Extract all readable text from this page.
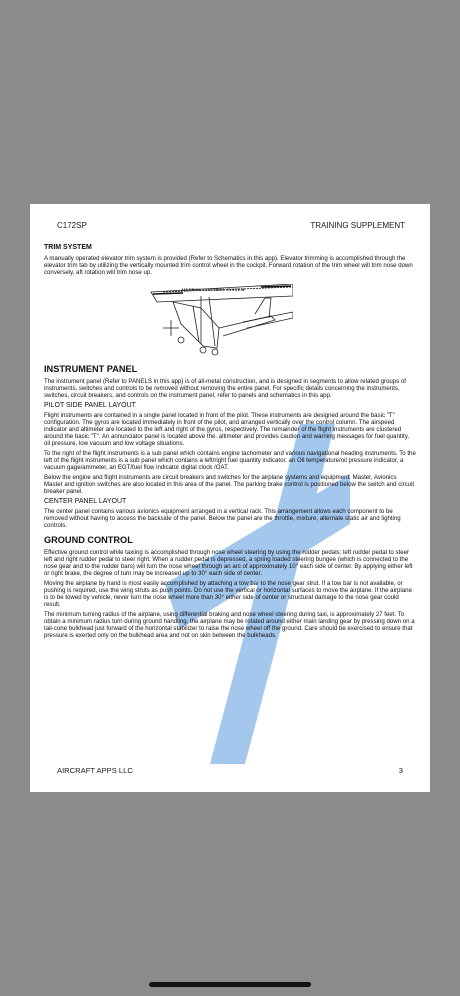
C172SP	TRAINING SUPPLEMENT
TRIM SYSTEM

A manually operated elevator trim system is provided (Refer to Schematics in this app). Elevator trimming is accomplished through the elevator trim tab by utilizing the vertically mounted trim control wheel in the cockpit. Forward rotation of the trim wheel will trim nose down conversely, aft rotation will trim nose up.

AILERON CONTROL SYSTEM
INSTRUMENT PANEL

The instrument panel (Refer to PANELS in this app) is of all-metal construction, and is designed in segments to allow related groups of instruments, switches and controls to be removed without removing the entire panel. For specific details concerning the instruments, switches, circuit breakers, and controls on the instrument panel, refer to panels and schematics in this app.

PILOT SIDE PANEL LAYOUT

Flight instruments are contained in a single panel located in front of the pilot. These instruments are designed around the basic "T" configuration. The gyros are located immediately in front of the pilot, and arranged vertically over the control column. The airspeed indicator and altimeter are located to the left and right of the gyros, respectively. The remainder of the flight instruments are clustered around the basic "T". An annunciator panel is located above the. altimeter and provides caution and warning messages for fuel quantity, oil pressure, low vacuum and low voltage situations.

To the right of the flight instruments is a sub panel which contains engine tachometer and various navigational heading instruments. To the left of the flight instruments is a sub panel which contains a left/right fuel quantity indicator, an Oil temperature/oil pressure indicator, a vacuum gage/ammeter, an EGT/fuel flow indicator digital clock /OAT.

Below the engine and flight instruments are circuit breakers and switches for the airplane systems and equipment. Master, Avionics Master and ignition switches are also located in this area of the panel. The parking brake control is positioned below the switch and circuit breaker panel.

CENTER PANEL LAYOUT

The center panel contains various avionics equipment arranged in a vertical rack. This arrangement allows each component to be removed without having to access the backside of the panel. Below the panel are the throttle, mixture, alternate static air and lighting controls.

GROUND CONTROL

Effective ground control while taxiing is accomplished through nose wheel steering by using the rudder pedals; left rudder pedal to steer left and right rudder pedal to steer right. When a rudder pedal is depressed, a spring loaded steering bungee (which is connected to the nose gear and to the rudder bars) will turn the nose wheel through an arc of approximately 10° each side of center. By applying either left or right brake, the degree of turn may be increased up to 30° each side of center.

Moving the airplane by hand is most easily accomplished by attaching a tow bar to the nose gear strut. If a tow bar is not available, or pushing is required, use the wing struts as push points. Do not use the vertical or horizontal surfaces to move the airplane. If the airplane is to be towed by vehicle, never turn the nose wheel more than 30° either side of center or structural damage to the nose gear could result.

The minimum turning radius of the airplane, using differential braking and nose wheel steering during taxi, is approximately 27 feet. To obtain a minimum radius turn during ground handling, the airplane may be rotated around either main landing gear by pressing down on a tail-cone bulkhead just forward of the horizontal stabilizer to raise the nose wheel off the ground. Care should be exercised to ensure that pressure is exerted only on the bulkhead area and not on skin between the bulkheads.

AIRCRAFT APPS LLC	3
